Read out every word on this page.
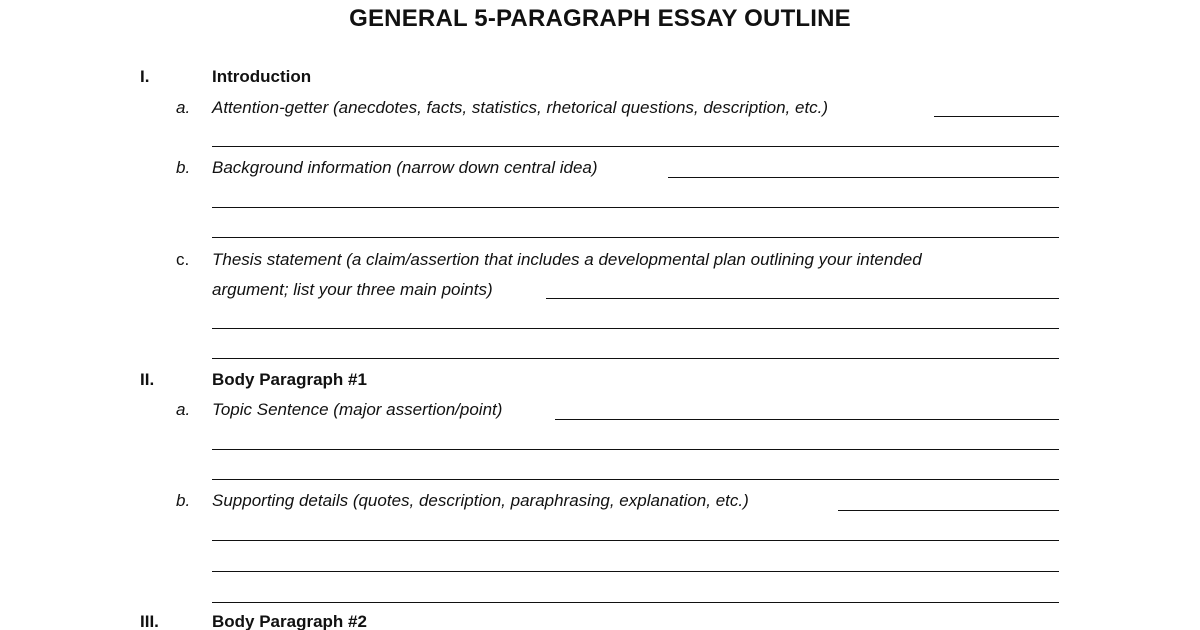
GENERAL 5-PARAGRAPH ESSAY OUTLINE
I.	Introduction
a. Attention-getter (anecdotes, facts, statistics, rhetorical questions, description, etc.)
b. Background information (narrow down central idea)
c. Thesis statement (a claim/assertion that includes a developmental plan outlining your intended
argument; list your three main points)
II.	Body Paragraph #1
a. Topic Sentence (major assertion/point)
b. Supporting details (quotes, description, paraphrasing, explanation, etc.)
III.	Body Paragraph #2
